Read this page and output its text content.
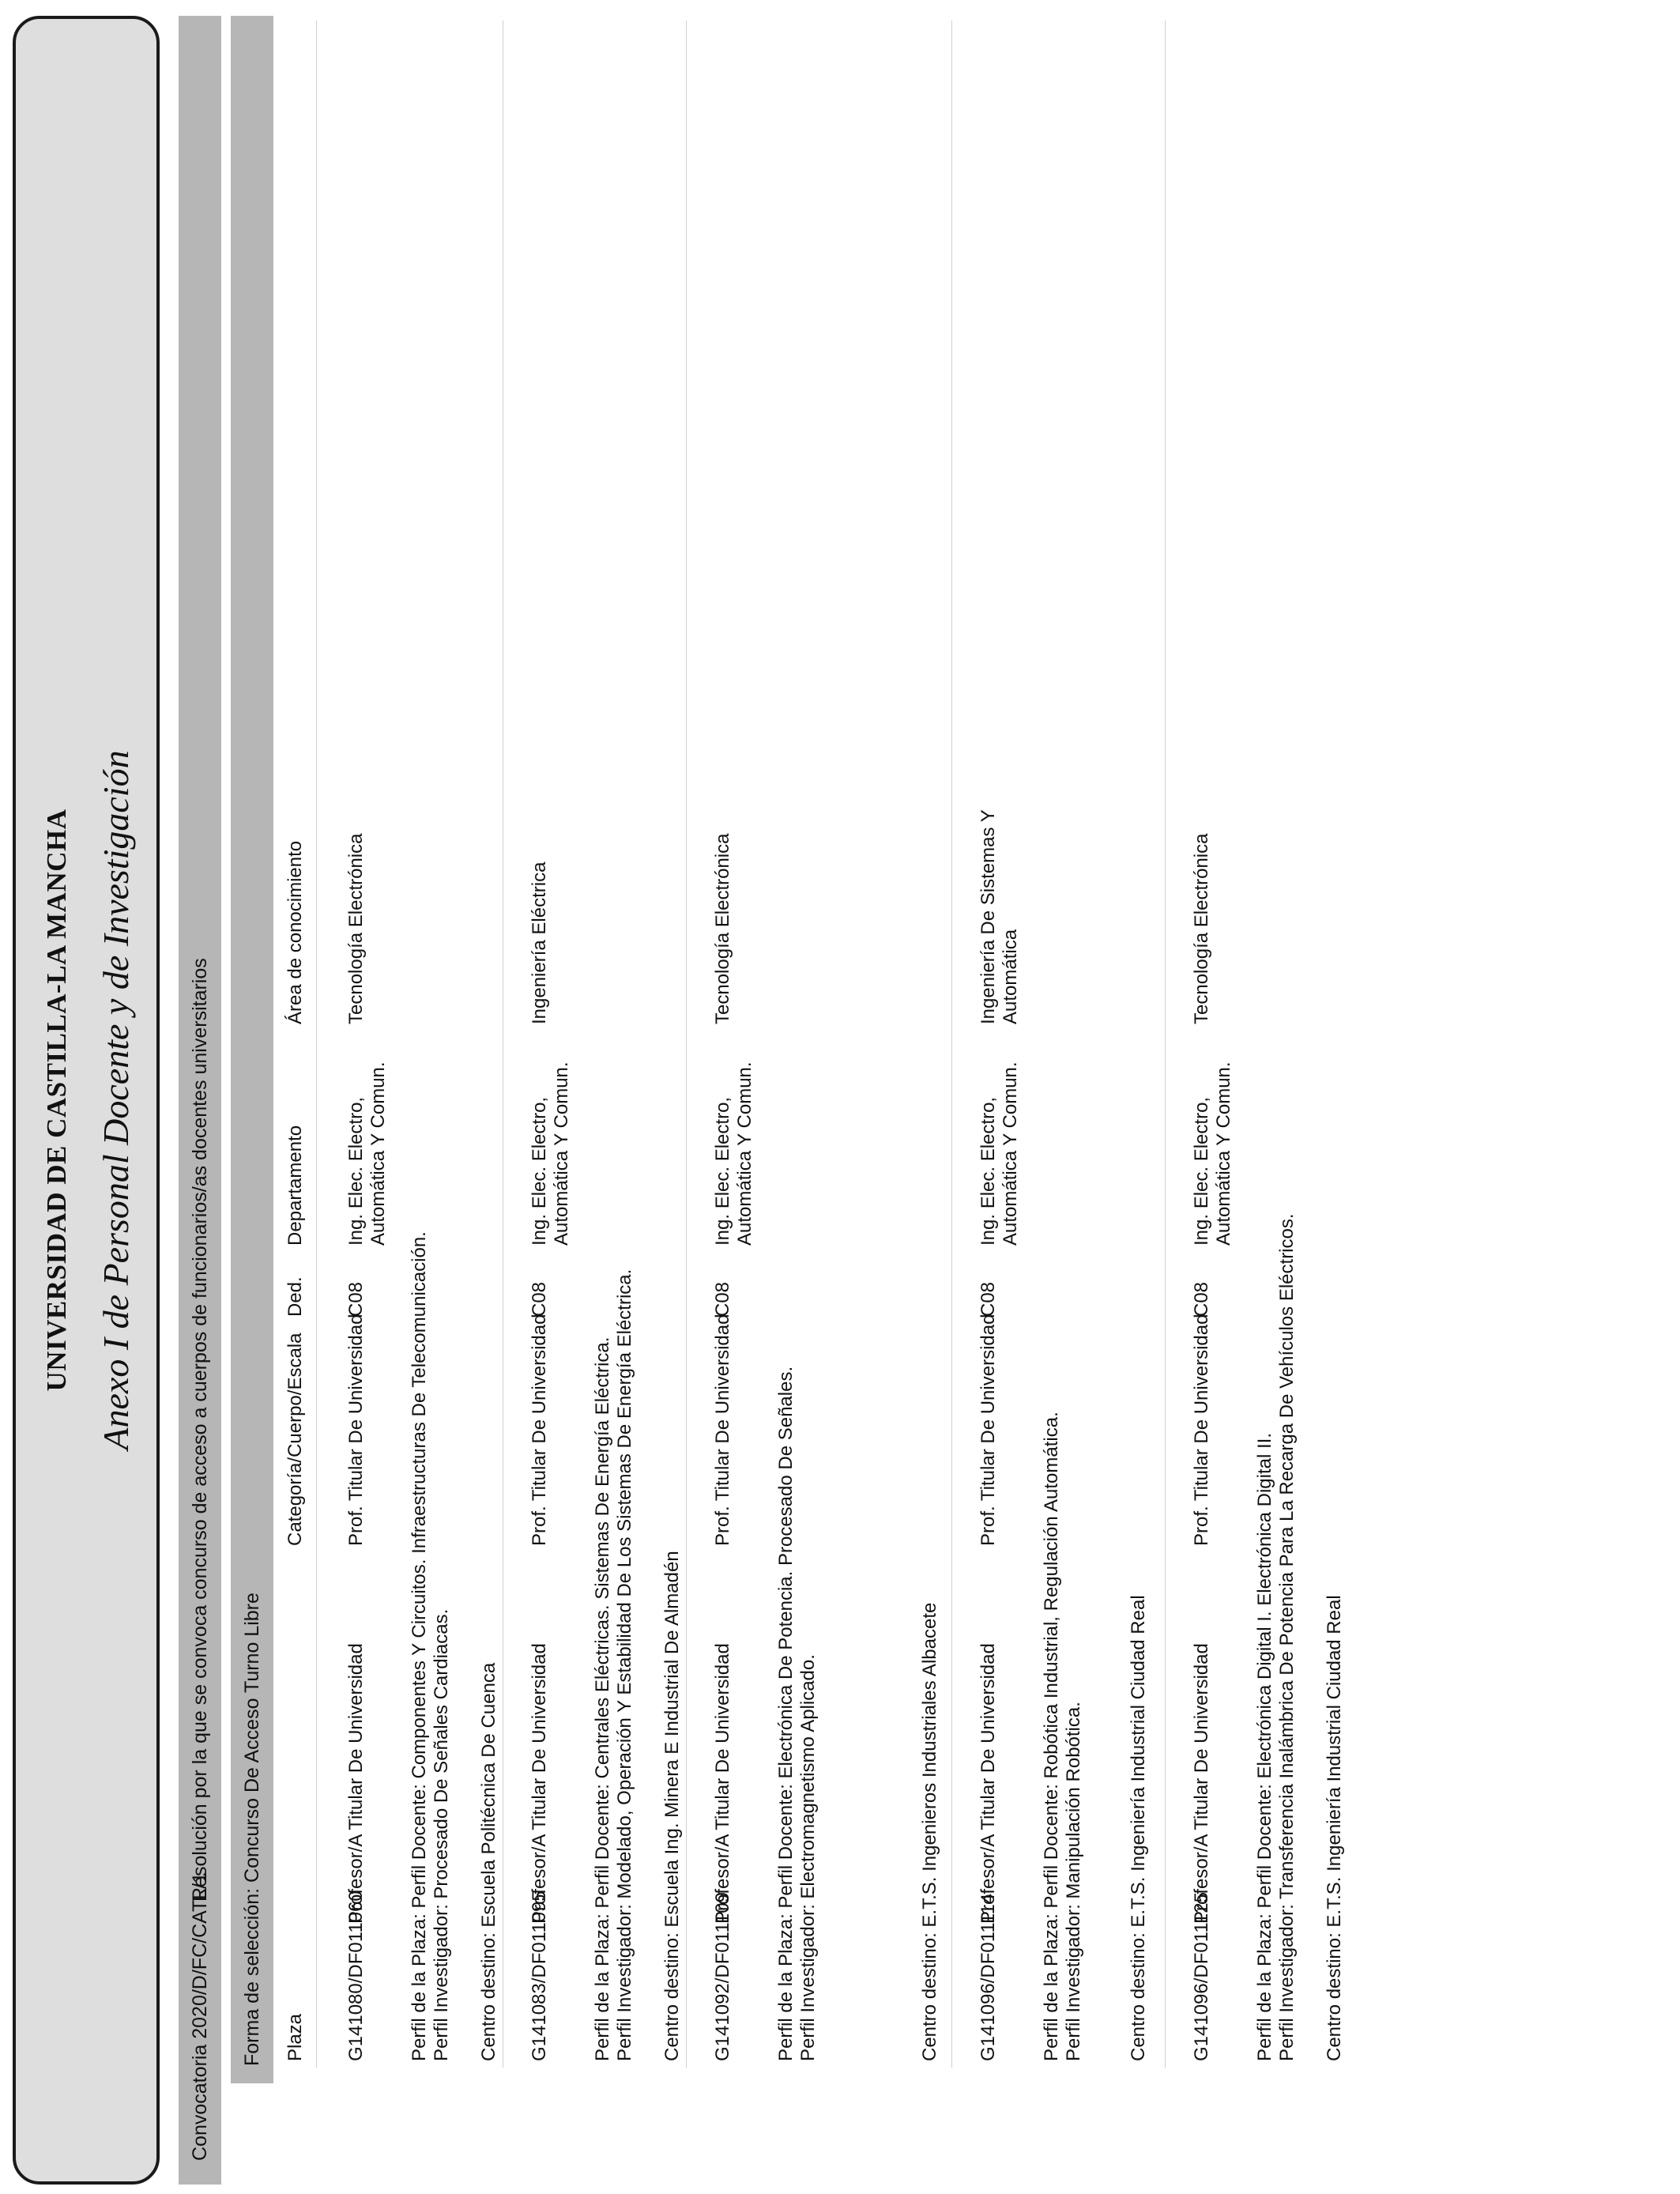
UNIVERSIDAD DE CASTILLA-LA MANCHA Anexo I de Personal Docente y de Investigación
Convocatoria 2020/D/FC/CATL/1
Resolución por la que se convoca concurso de acceso a cuerpos de funcionarios/as docentes universitarios Forma de selección: Concurso De Acceso Turno Libre Plaza
Categoría/Cuerpo/Escala
Ded.
Departamento
Área de conocimiento
G141080/DF011060
Profesor/A Titular De Universidad
Prof. Titular De Universidad
C08
Ing. Elec. Electro, Automática Y Comun.
Tecnología Electrónica
Perfil de la Plaza: Perfil Docente: Componentes Y Circuitos. Infraestructuras De Telecomunicación. Perfil Investigador: Procesado De Señales Cardiacas. Centro destino: Escuela Politécnica De Cuenca G141083/DF011095
Profesor/A Titular De Universidad
Prof. Titular De Universidad
C08
Ing. Elec. Electro, Automática Y Comun.
Ingeniería Eléctrica
Perfil de la Plaza: Perfil Docente: Centrales Eléctricas. Sistemas De Energía Eléctrica. Perfil Investigador: Modelado, Operación Y Estabilidad De Los Sistemas De Energía Eléctrica. Centro destino: Escuela Ing. Minera E Industrial De Almadén G141092/DF011109
Profesor/A Titular De Universidad
Prof. Titular De Universidad
C08
Ing. Elec. Electro, Automática Y Comun.
Tecnología Electrónica
Perfil de la Plaza: Perfil Docente: Electrónica De Potencia. Procesado De Señales. Perfil Investigador: Electromagnetismo Aplicado.	Centro destino: E.T.S. Ingenieros Industriales Albacete G141096/DF011114
Profesor/A Titular De Universidad
Prof. Titular De Universidad
C08
Ing. Elec. Electro, Automática Y Comun.
Ingeniería De Sistemas Y Automática
Perfil de la Plaza: Perfil Docente: Robótica Industrial, Regulación Automática. Perfil Investigador: Manipulación Robótica. Centro destino: E.T.S. Ingeniería Industrial Ciudad Real G141096/DF011125
Profesor/A Titular De Universidad
Prof. Titular De Universidad
C08
Ing. Elec. Electro, Automática Y Comun.
Tecnología Electrónica
Perfil de la Plaza: Perfil Docente: Electrónica Digital I. Electrónica Digital II. Perfil Investigador: Transferencia Inalámbrica De Potencia Para La Recarga De Vehículos Eléctricos. Centro destino: E.T.S. Ingeniería Industrial Ciudad Real
